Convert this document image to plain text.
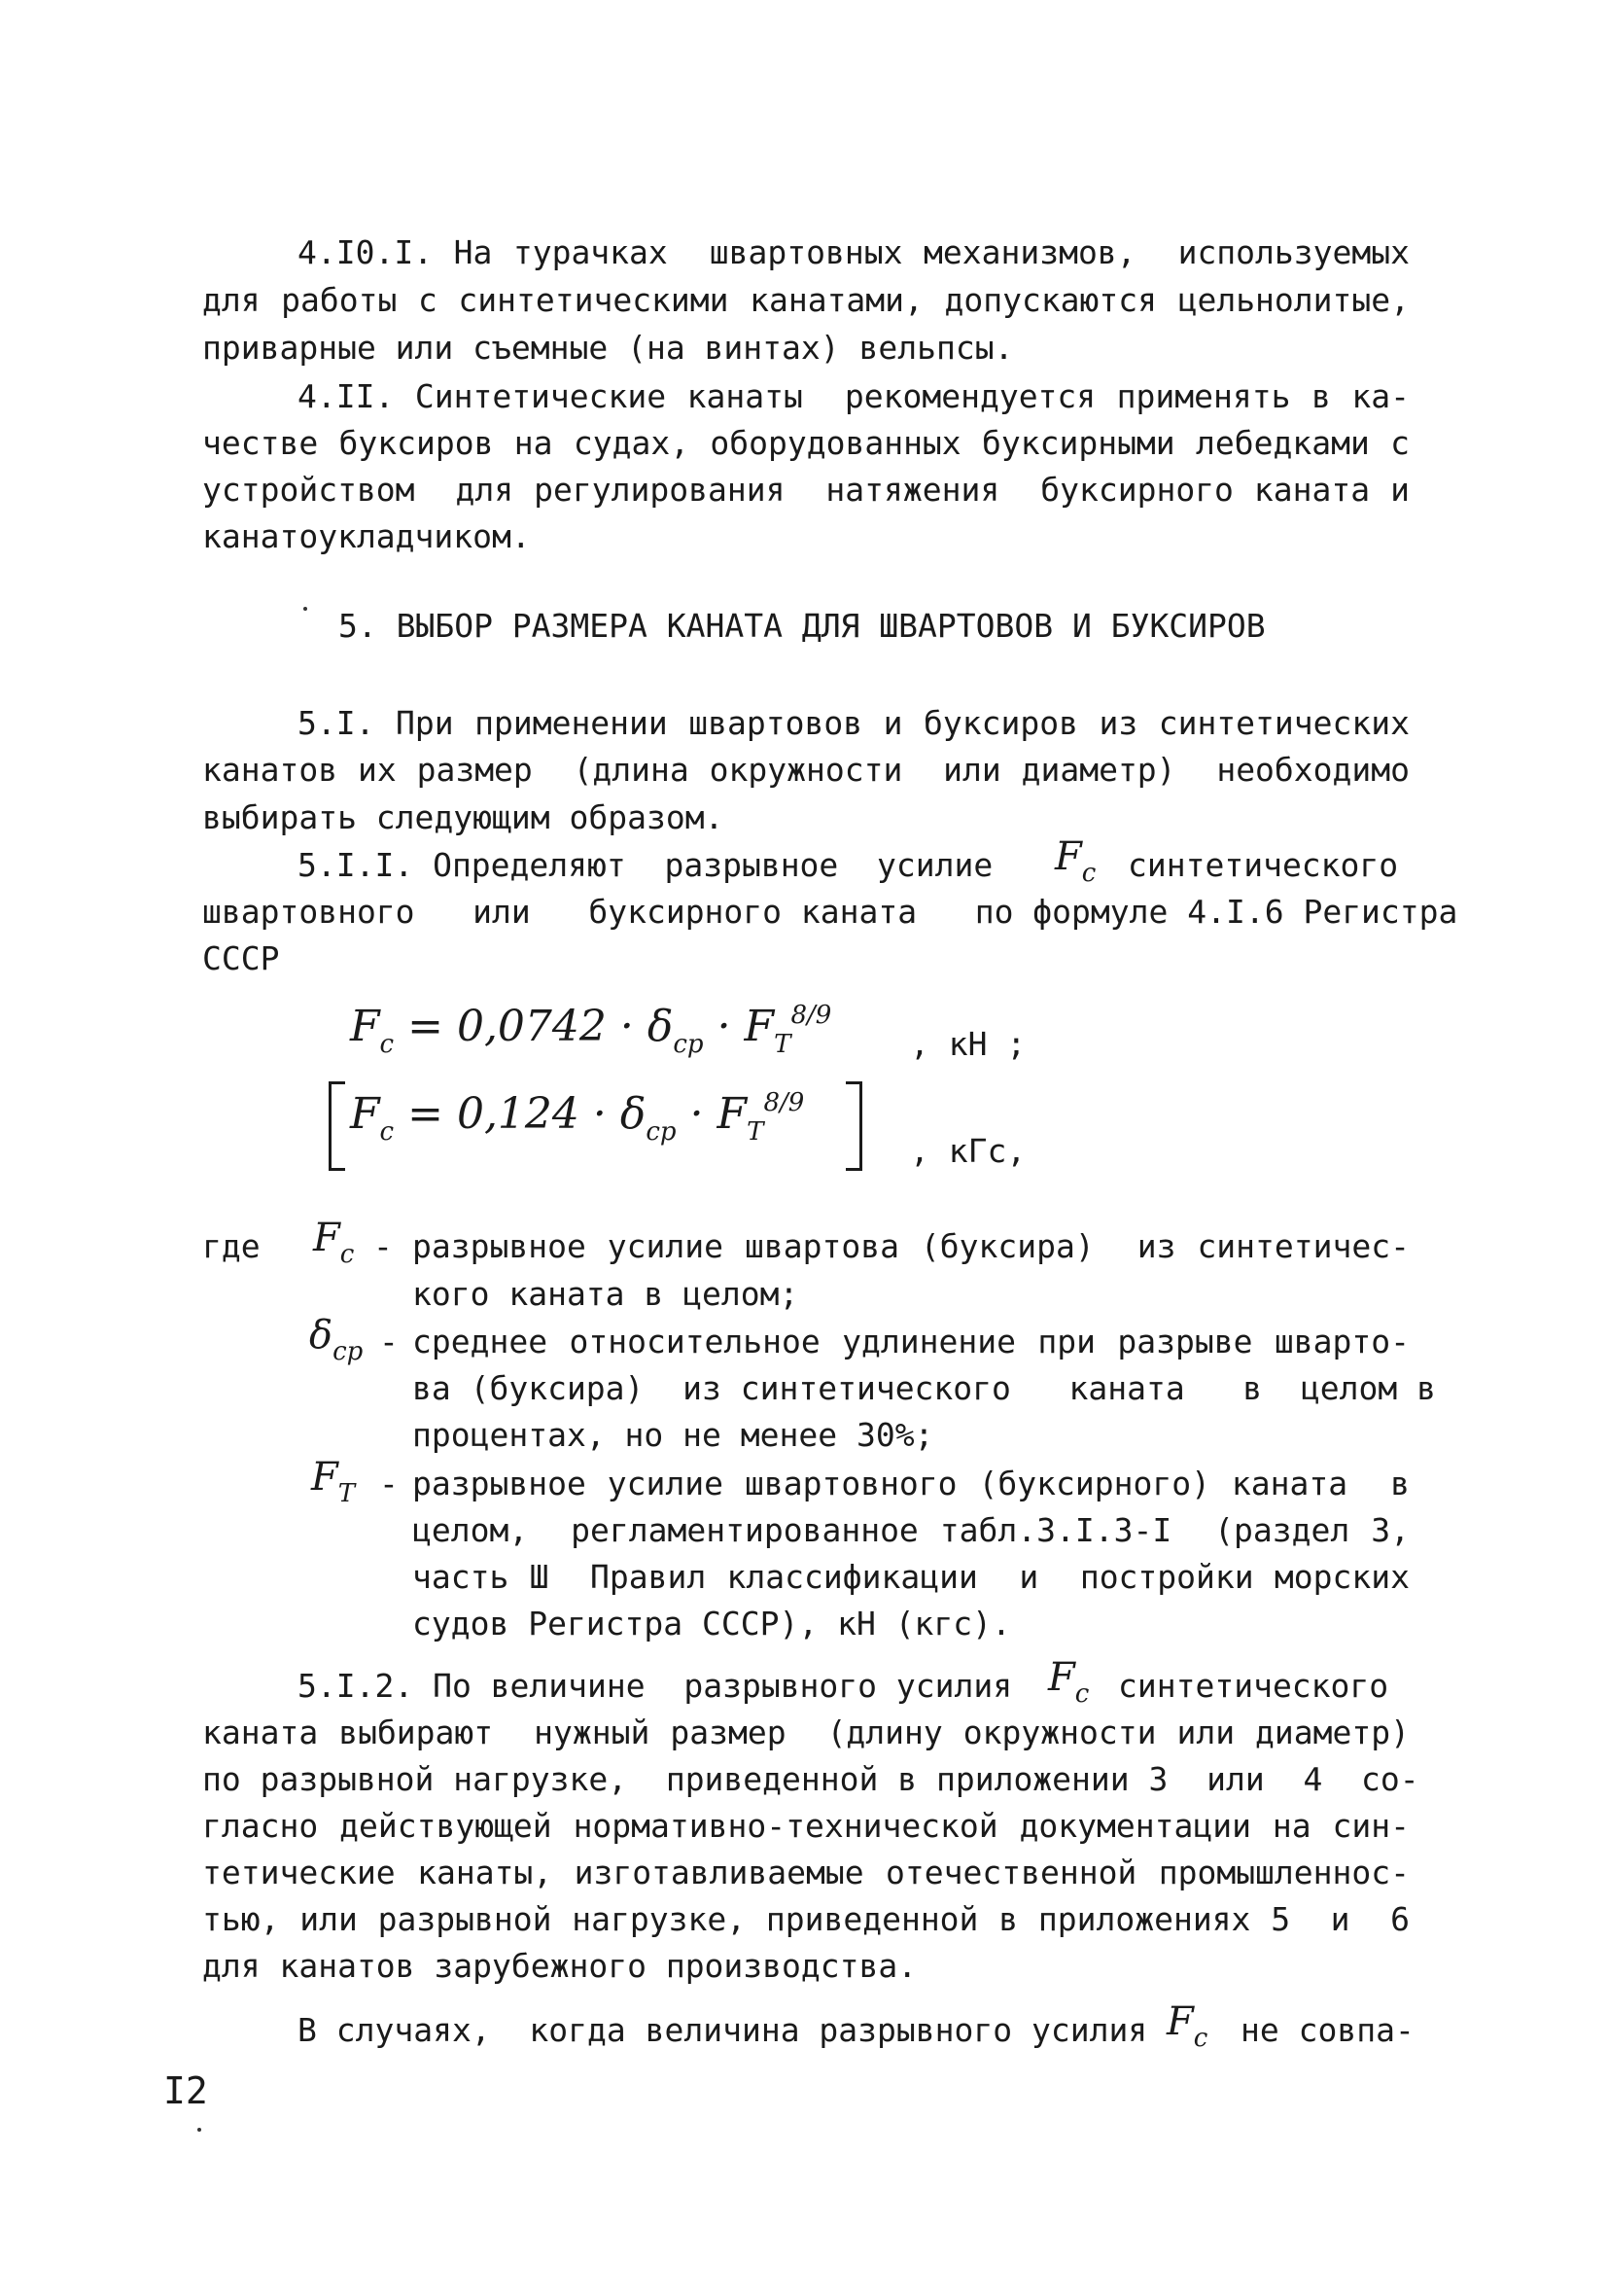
4.I0.I. На турачках  швартовных механизмов,  используемых
для работы с синтетическими канатами, допускаются цельнолитые,
приварные или съемные (на винтах) вельпсы.
4.II. Синтетические канаты  рекомендуется применять в ка-
честве буксиров на судах, оборудованных буксирными лебедками с
устройством  для регулирования  натяжения  буксирного каната и
канатоукладчиком.
5. ВЫБОР РАЗМЕРА КАНАТА ДЛЯ ШВАРТОВОВ И БУКСИРОВ
5.I. При применении швартовов и буксиров из синтетических
канатов их размер  (длина окружности  или диаметр)  необходимо
выбирать следующим образом.
5.I.I. Определяют  разрывное  усилие $F_c$ синтетического
швартовного   или   буксирного каната   по формуле 4.I.6 Регистра
СССР
$F_c = 0,0742 \cdot \delta_{cp} \cdot F_T^{8/9}$
, кН ;
$F_c = 0,124 \cdot \delta_{cp} \cdot F_T^{8/9}$
, кГс,
где $F_c$ - разрывное усилие швартова (буксира)  из синтетичес-
кого каната в целом;
$\delta_{cp}$ - среднее относительное удлинение при разрыве шварто-
ва (буксира)  из синтетического   каната   в  целом в
процентах, но не менее 30%;
$F_T$ - разрывное усилие швартовного (буксирного) каната  в
целом,  регламентированное табл.3.I.3-I  (раздел 3,
часть Ш  Правил классификации  и  постройки морских
судов Регистра СССР), кН (кгс).
5.I.2. По величине  разрывного усилия $F_c$ синтетического
каната выбирают  нужный размер  (длину окружности или диаметр)
по разрывной нагрузке,  приведенной в приложении 3  или  4  со-
гласно действующей нормативно-технической документации на син-
тетические канаты, изготавливаемые отечественной промышленнос-
тью, или разрывной нагрузке, приведенной в приложениях 5  и  6
для канатов зарубежного производства.
В случаях,  когда величина разрывного усилия $F_c$ не совпа-
I2
